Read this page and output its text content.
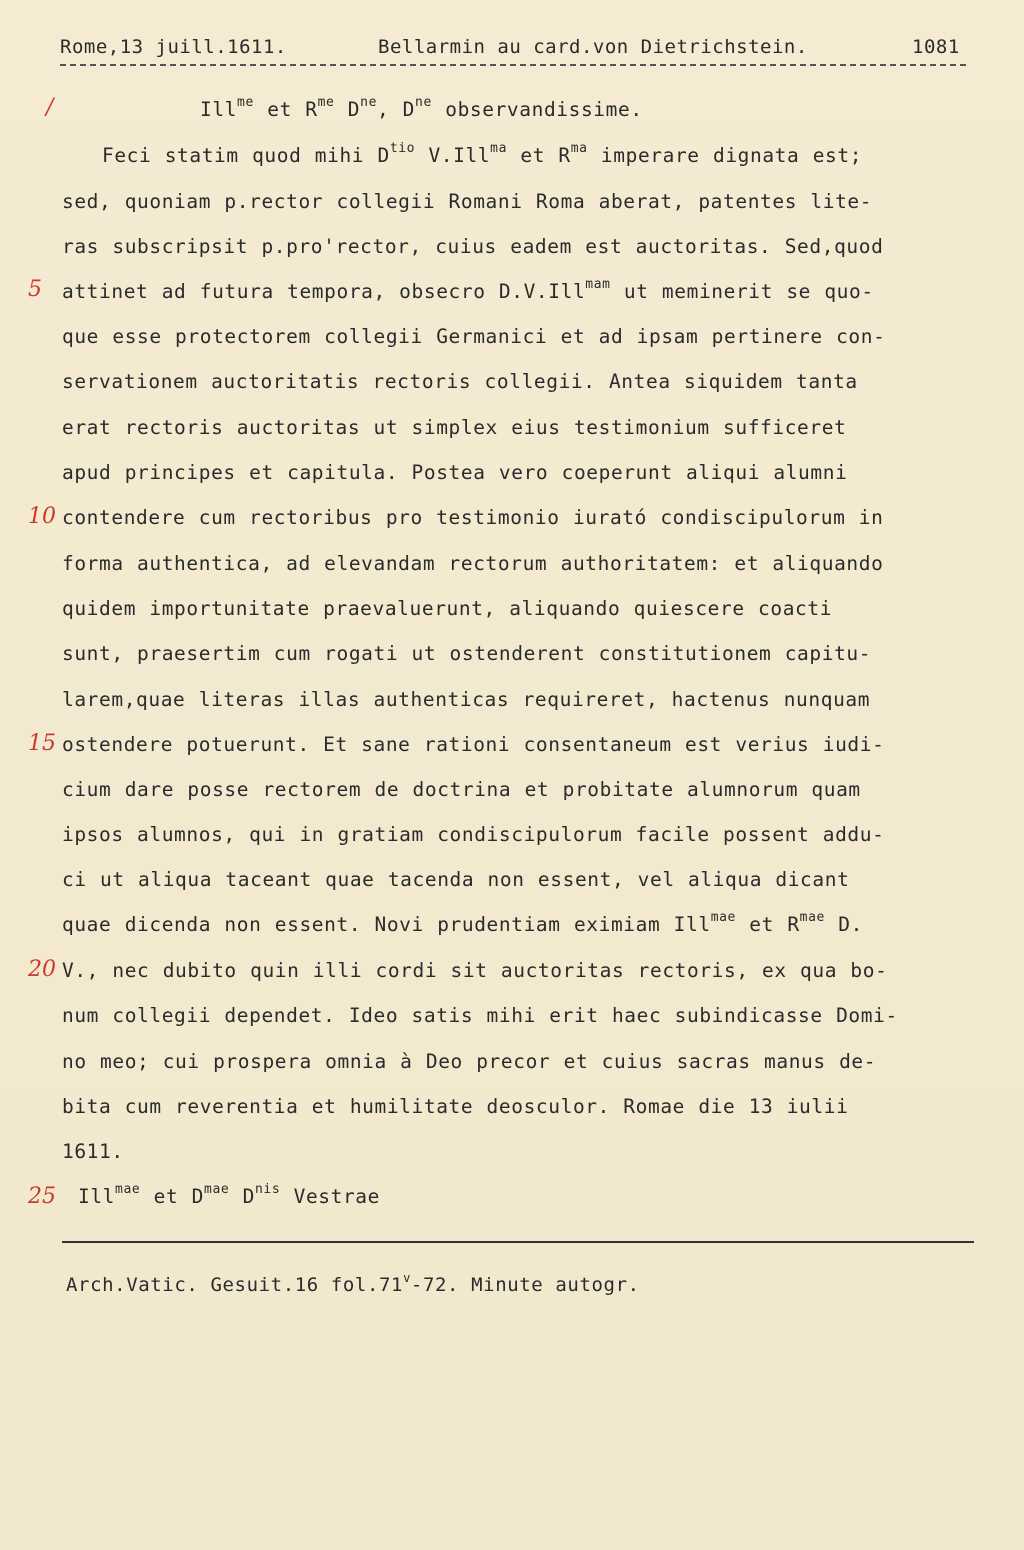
Rome,13 juill.1611.	Bellarmin au card.von Dietrichstein.	1081
/
5
10
15
20
25
Ill$^{me}$ et $R^{me}$ $D^{ne}$, $D^{ne}$ observandissime.
Feci statim quod mihi $D^{tio}$ V.Ill$^{ma}$ et $R^{ma}$ imperare dignata est;
sed, quoniam p.rector collegii Romani Roma aberat, patentes lite-
ras subscripsit p.pro'rector, cuius eadem est auctoritas. Sed,quod
attinet ad futura tempora, obsecro D.V.Ill$^{mam}$ ut meminerit se quo-
que esse protectorem collegii Germanici et ad ipsam pertinere con-
servationem auctoritatis rectoris collegii. Antea siquidem tanta
erat rectoris auctoritas ut simplex eius testimonium sufficeret
apud principes et capitula. Postea vero coeperunt aliqui alumni
contendere cum rectoribus pro testimonio iurató condiscipulorum in
forma authentica, ad elevandam rectorum authoritatem: et aliquando
quidem importunitate praevaluerunt, aliquando quiescere coacti
sunt, praesertim cum rogati ut ostenderent constitutionem capitu-
larem,quae literas illas authenticas requireret, hactenus nunquam
ostendere potuerunt. Et sane rationi consentaneum est verius iudi-
cium dare posse rectorem de doctrina et probitate alumnorum quam
ipsos alumnos, qui in gratiam condiscipulorum facile possent addu-
ci ut aliqua taceant quae tacenda non essent, vel aliqua dicant
quae dicenda non essent. Novi prudentiam eximiam Ill$^{mae}$ et $R^{mae}$ D.
V., nec dubito quin illi cordi sit auctoritas rectoris, ex qua bo-
num collegii dependet. Ideo satis mihi erit haec subindicasse Domi-
no meo; cui prospera omnia à Deo precor et cuius sacras manus de-
bita cum reverentia et humilitate deosculor. Romae die 13 iulii
1611.
Ill$^{mae}$ et $D^{mae}$ $D^{nis}$ Vestrae
Arch.Vatic. Gesuit.16 fol.71$^v$-72. Minute autogr.
